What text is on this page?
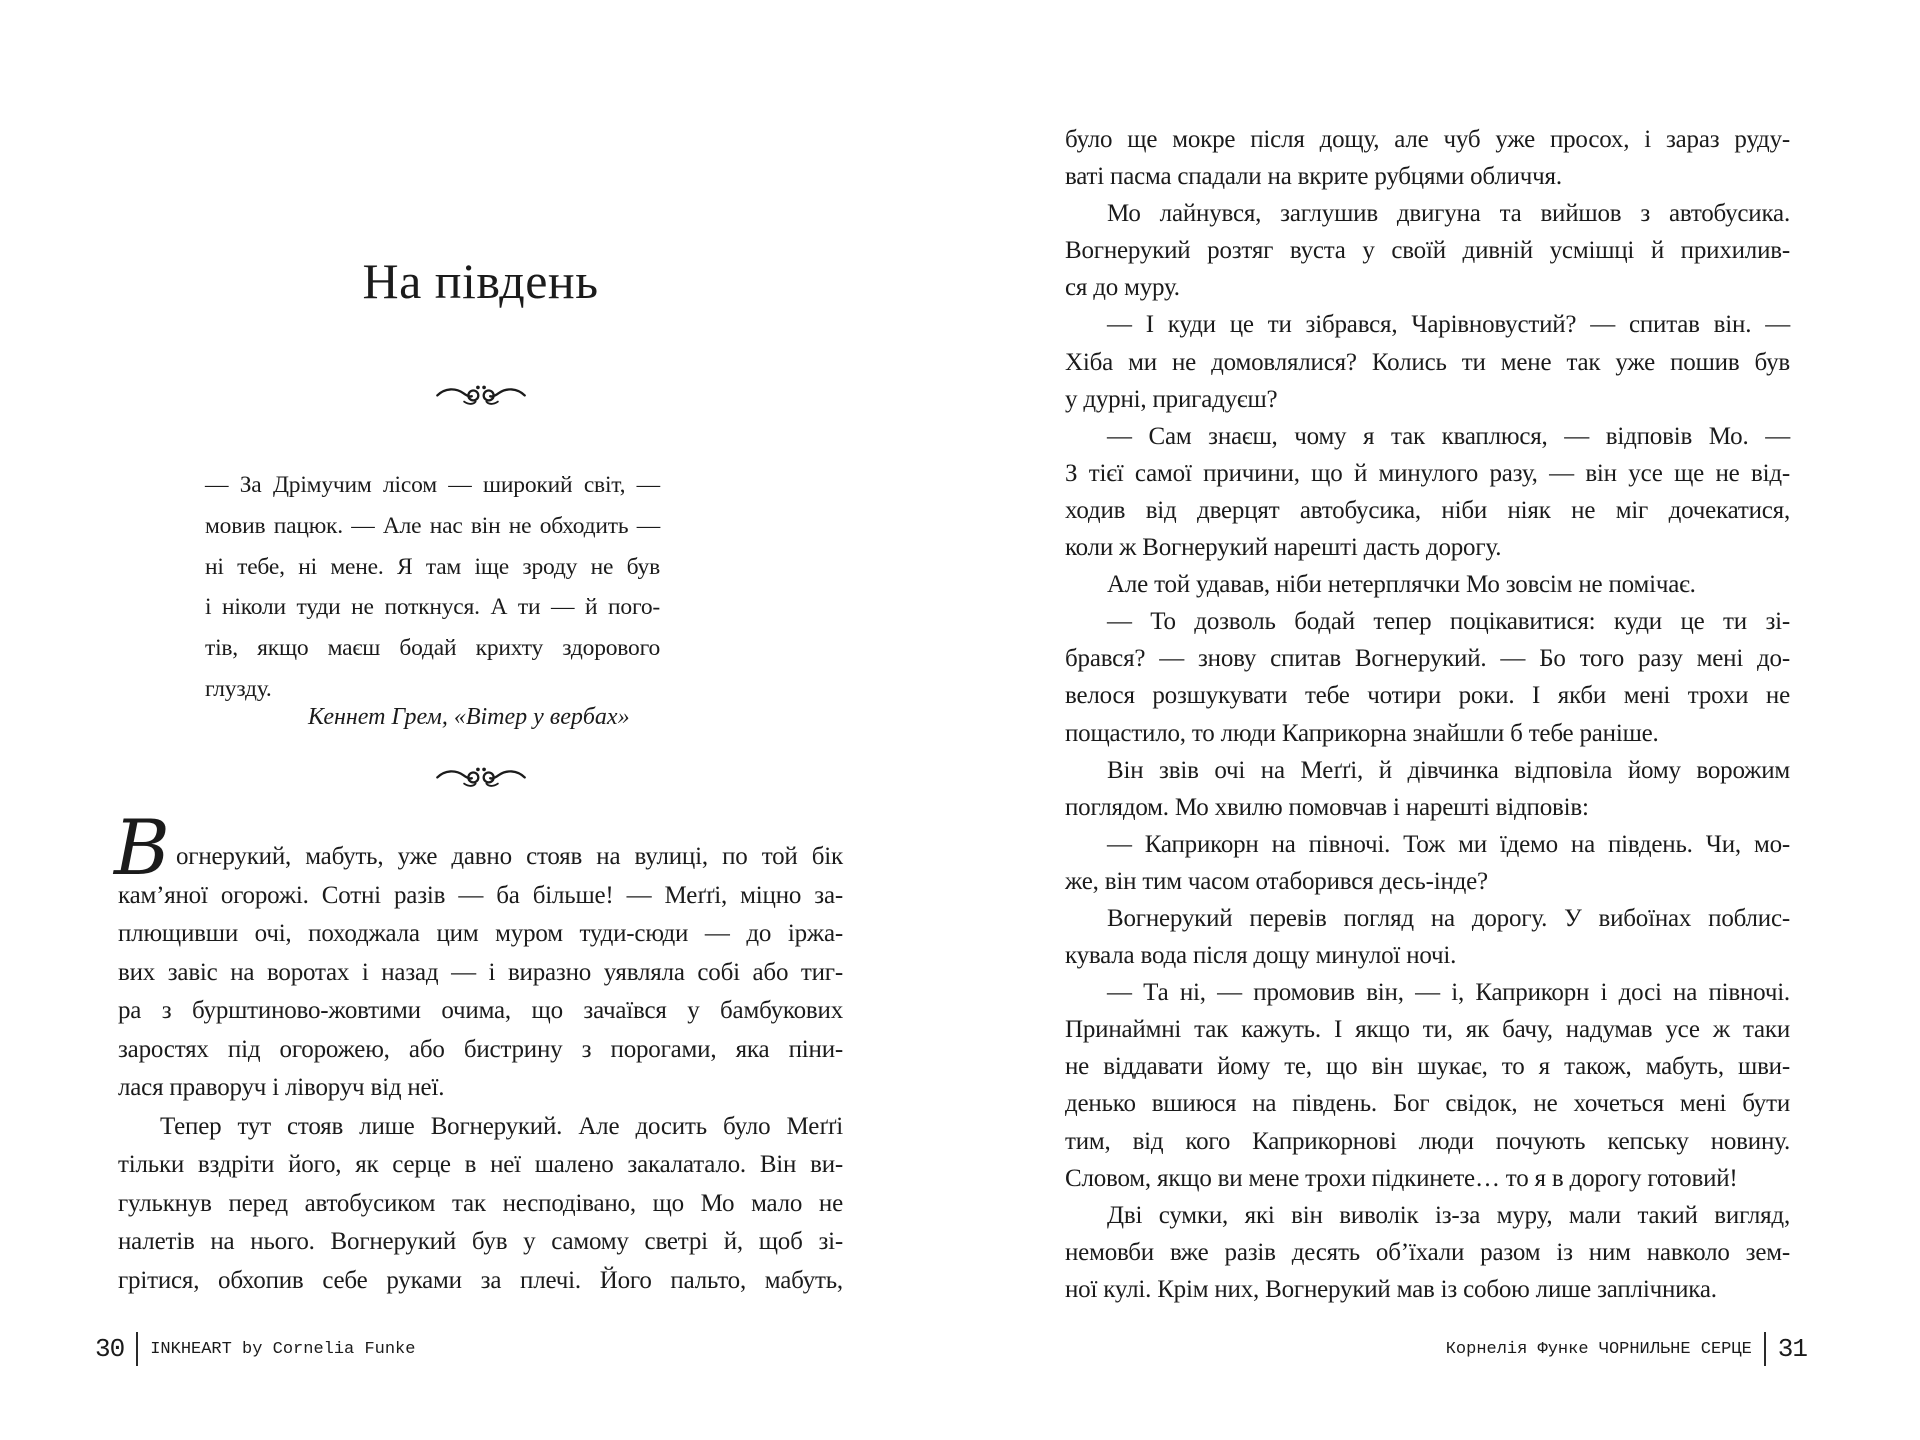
На південь
— За Дрімучим лісом — широкий світ, —
мовив пацюк. — Але нас він не обходить —
ні тебе, ні мене. Я там іще зроду не був
і ніколи туди не поткнуся. А ти — й пого-
тів, якщо маєш бодай крихту здорового
глузду.
Кеннет Грем, «Вітер у вербах»
В огнерукий, мабуть, уже давно стояв на вулиці, по той бік
кам’яної огорожі. Сотні разів — ба більше! — Меґґі, міцно за-
плющивши очі, походжала цим муром туди-сюди — до іржа-
вих завіс на воротах і назад — і виразно уявляла собі або тиг-
ра з бурштиново-жовтими очима, що зачаївся у бамбукових
заростях під огорожею, або бистрину з порогами, яка піни-
лася праворуч і ліворуч від неї.
Тепер тут стояв лише Вогнерукий. Але досить було Меґґі
тільки вздріти його, як серце в неї шалено закалатало. Він ви-
гулькнув перед автобусиком так несподівано, що Мо мало не
налетів на нього. Вогнерукий був у самому светрі й, щоб зі-
грітися, обхопив себе руками за плечі. Його пальто, мабуть,
30 INKHEART by Cornelia Funke
було ще мокре після дощу, але чуб уже просох, і зараз руду-
ваті пасма спадали на вкрите рубцями обличчя.
Мо лайнувся, заглушив двигуна та вийшов з автобусика.
Вогнерукий розтяг вуста у своїй дивній усмішці й прихилив-
ся до муру.
— І куди це ти зібрався, Чарівновустий? — спитав він. —
Хіба ми не домовлялися? Колись ти мене так уже пошив був
у дурні, пригадуєш?
— Сам знаєш, чому я так кваплюся, — відповів Мо. —
З тієї самої причини, що й минулого разу, — він усе ще не від-
ходив від дверцят автобусика, ніби ніяк не міг дочекатися,
коли ж Вогнерукий нарешті дасть дорогу.
Але той удавав, ніби нетерплячки Мо зовсім не помічає.
— То дозволь бодай тепер поцікавитися: куди це ти зі-
брався? — знову спитав Вогнерукий. — Бо того разу мені до-
велося розшукувати тебе чотири роки. І якби мені трохи не
пощастило, то люди Каприкорна знайшли б тебе раніше.
Він звів очі на Меґґі, й дівчинка відповіла йому ворожим
поглядом. Мо хвилю помовчав і нарешті відповів:
— Каприкорн на півночі. Тож ми їдемо на південь. Чи, мо-
же, він тим часом отаборився десь-інде?
Вогнерукий перевів погляд на дорогу. У вибоїнах поблис-
кувала вода після дощу минулої ночі.
— Та ні, — промовив він, — і, Каприкорн і досі на півночі.
Принаймні так кажуть. І якщо ти, як бачу, надумав усе ж таки
не віддавати йому те, що він шукає, то я також, мабуть, шви-
денько вшиюся на південь. Бог свідок, не хочеться мені бути
тим, від кого Каприкорнові люди почують кепську новину.
Словом, якщо ви мене трохи підкинете… то я в дорогу готовий!
Дві сумки, які він виволік із-за муру, мали такий вигляд,
немовби вже разів десять об’їхали разом із ним навколо зем-
ної кулі. Крім них, Вогнерукий мав із собою лише заплічника.
Корнелія Функе ЧОРНИЛЬНЕ СЕРЦЕ 31
